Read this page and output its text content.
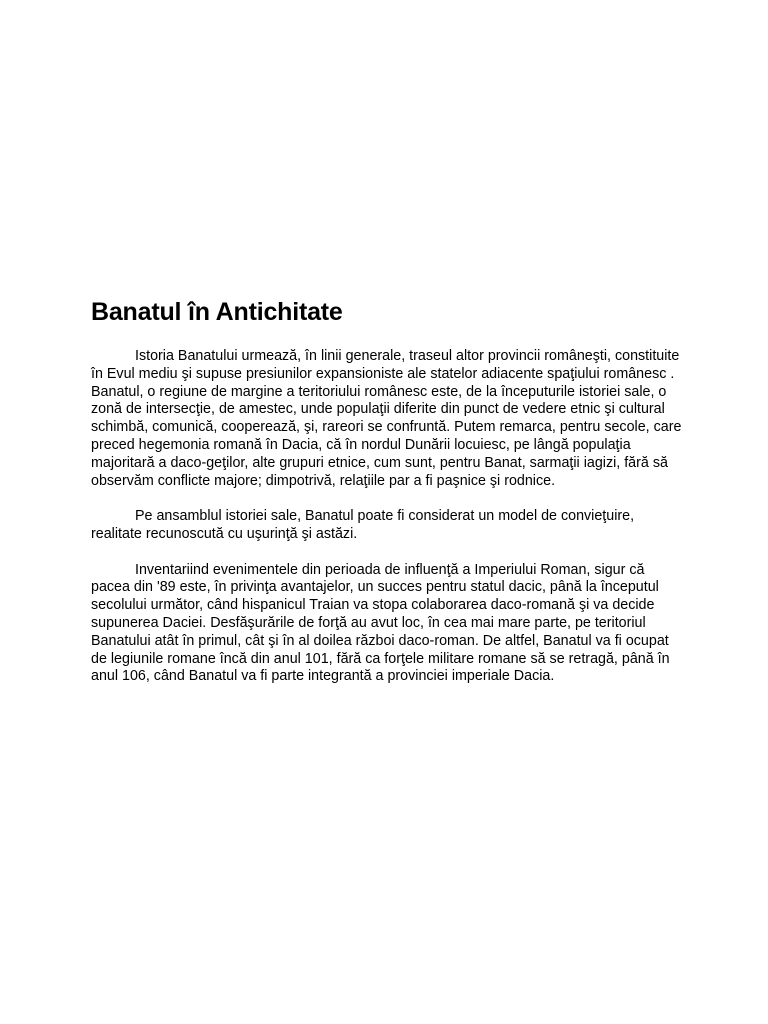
Banatul în Antichitate

Istoria Banatului urmează, în linii generale, traseul altor provincii româneşti, constituite în Evul mediu şi supuse presiunilor expansioniste ale statelor adiacente spaţiului românesc . Banatul, o regiune de margine a teritoriului românesc este, de la începuturile istoriei sale, o zonă de intersecţie, de amestec, unde populaţii diferite din punct de vedere etnic şi cultural schimbă, comunică, cooperează, şi, rareori se confruntă. Putem remarca, pentru secole, care preced hegemonia romană în Dacia, că în nordul Dunării locuiesc, pe lângă populaţia majoritară a daco-geţilor, alte grupuri etnice, cum sunt, pentru Banat, sarmaţii iagizi, fără să observăm conflicte majore; dimpotrivă, relaţiile par a fi paşnice şi rodnice.

Pe ansamblul istoriei sale, Banatul poate fi considerat un model de convieţuire, realitate recunoscută cu uşurinţă şi astăzi.

Inventariind evenimentele din perioada de influenţă a Imperiului Roman, sigur că pacea din '89 este, în privinţa avantajelor, un succes pentru statul dacic, până la începutul secolului următor, când hispanicul Traian va stopa colaborarea daco-romană şi va decide supunerea Daciei. Desfăşurările de forţă au avut loc, în cea mai mare parte, pe teritoriul Banatului atât în primul, cât şi în al doilea război daco-roman. De altfel, Banatul va fi ocupat de legiunile romane încă din anul 101, fără ca forţele militare romane să se retragă, până în anul 106, când Banatul va fi parte integrantă a provinciei imperiale Dacia.
